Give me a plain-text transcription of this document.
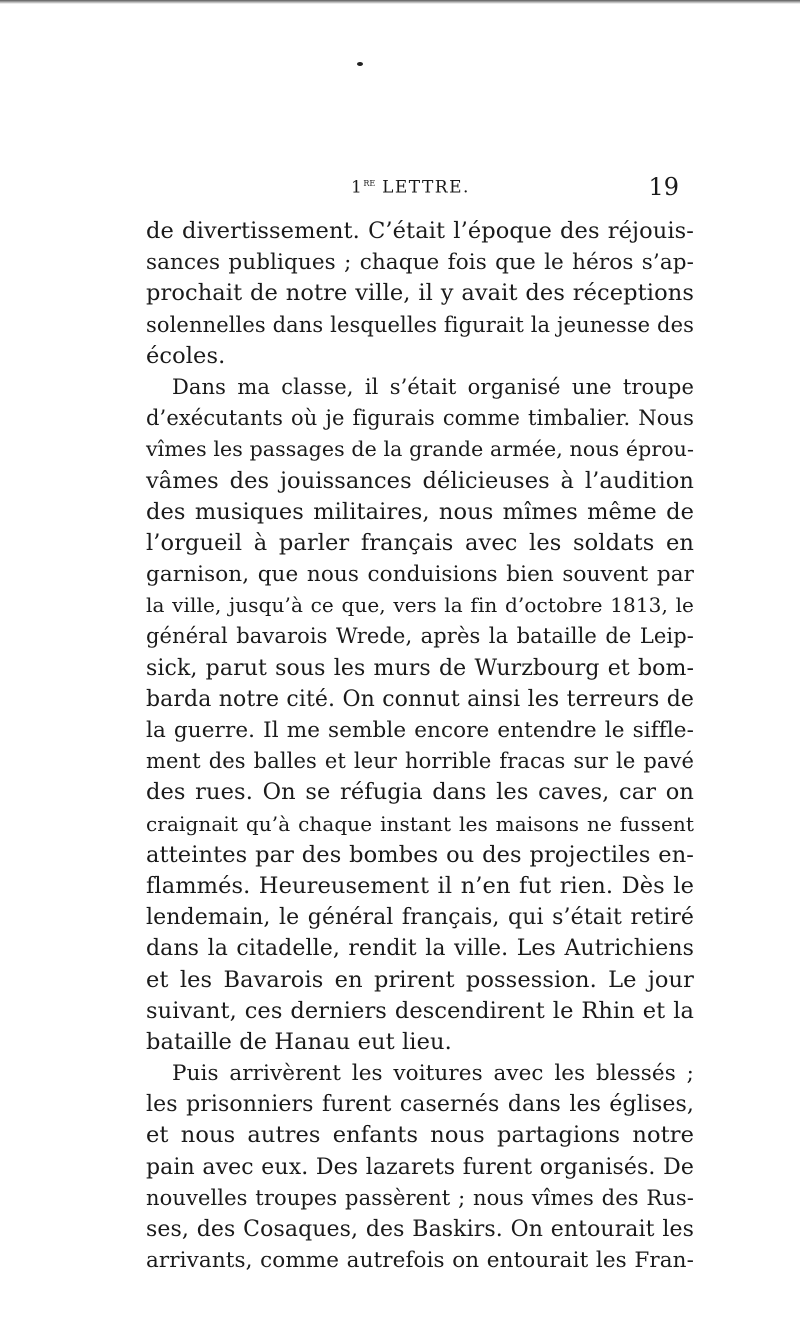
1re LETTRE.	19
de divertissement. C’était l’époque des réjouis-
sances publiques ; chaque fois que le héros s’ap-
prochait de notre ville, il y avait des réceptions
solennelles dans lesquelles figurait la jeunesse des
écoles.
Dans ma classe, il s’était organisé une troupe
d’exécutants où je figurais comme timbalier. Nous
vîmes les passages de la grande armée, nous éprou-
vâmes des jouissances délicieuses à l’audition
des musiques militaires, nous mîmes même de
l’orgueil à parler français avec les soldats en
garnison, que nous conduisions bien souvent par
la ville, jusqu’à ce que, vers la fin d’octobre 1813, le
général bavarois Wrede, après la bataille de Leip-
sick, parut sous les murs de Wurzbourg et bom-
barda notre cité. On connut ainsi les terreurs de
la guerre. Il me semble encore entendre le siffle-
ment des balles et leur horrible fracas sur le pavé
des rues. On se réfugia dans les caves, car on
craignait qu’à chaque instant les maisons ne fussent
atteintes par des bombes ou des projectiles en-
flammés. Heureusement il n’en fut rien. Dès le
lendemain, le général français, qui s’était retiré
dans la citadelle, rendit la ville. Les Autrichiens
et les Bavarois en prirent possession. Le jour
suivant, ces derniers descendirent le Rhin et la
bataille de Hanau eut lieu.
Puis arrivèrent les voitures avec les blessés ;
les prisonniers furent casernés dans les églises,
et nous autres enfants nous partagions notre
pain avec eux. Des lazarets furent organisés. De
nouvelles troupes passèrent ; nous vîmes des Rus-
ses, des Cosaques, des Baskirs. On entourait les
arrivants, comme autrefois on entourait les Fran-
